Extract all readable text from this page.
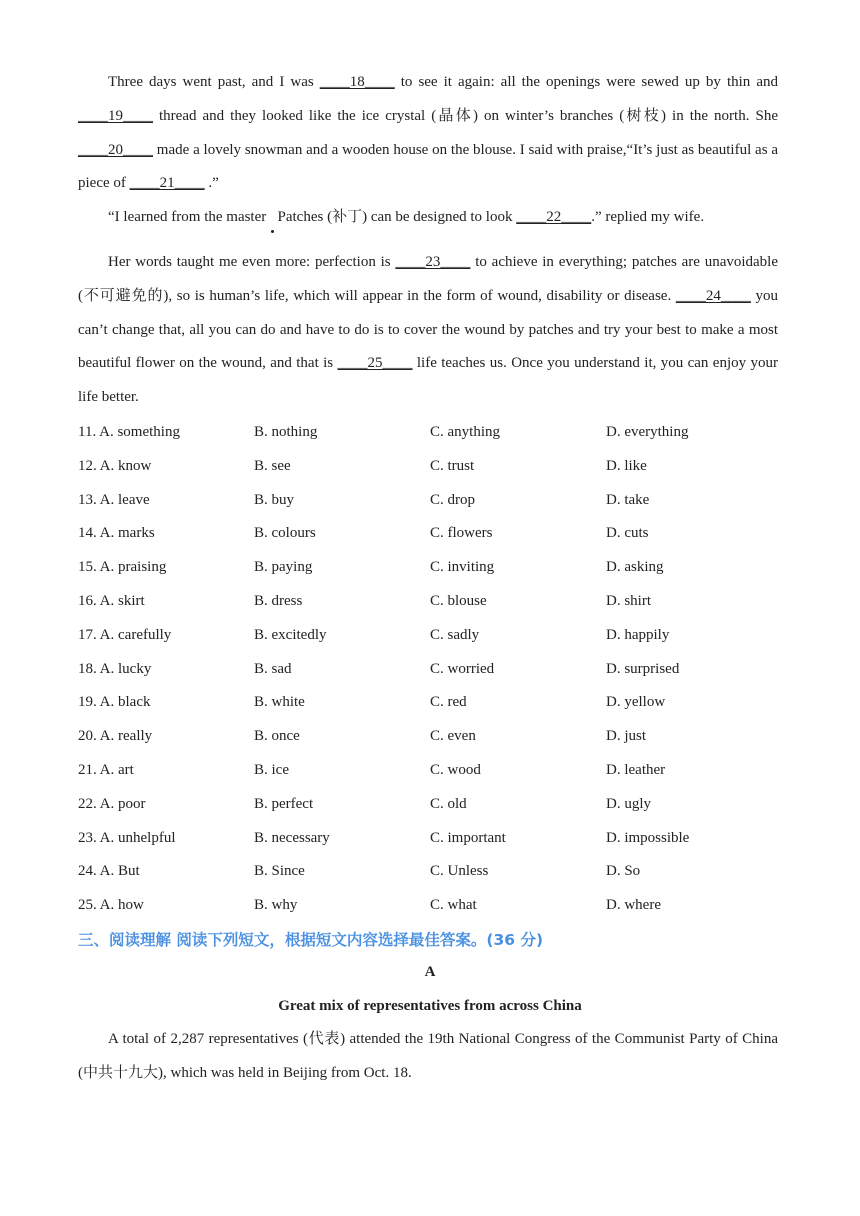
Three days went past, and I was ____18____ to see it again: all the openings were sewed up by thin and ____19____ thread and they looked like the ice crystal (晶体) on winter’s branches (树枝) in the north. She ____20____ made a lovely snowman and a wooden house on the blouse. I said with praise,“It’s just as beautiful as a piece of ____21____ .”

“I learned from the master   Patches (补丁) can be designed to look ____22____.” replied my wife.

Her words taught me even more: perfection is ____23____ to achieve in everything; patches are unavoidable (不可避免的), so is human’s life, which will appear in the form of wound, disability or disease. ____24____ you can’t change that, all you can do and have to do is to cover the wound by patches and try your best to make a most beautiful flower on the wound, and that is ____25____ life teaches us. Once you understand it, you can enjoy your life better.

11. A. something	B. nothing	C. anything	D. everything
12. A. know	B. see	C. trust	D. like
13. A. leave	B. buy	C. drop	D. take
14. A. marks	B. colours	C. flowers	D. cuts
15. A. praising	B. paying	C. inviting	D. asking
16. A. skirt	B. dress	C. blouse	D. shirt
17. A. carefully	B. excitedly	C. sadly	D. happily
18. A. lucky	B. sad	C. worried	D. surprised
19. A. black	B. white	C. red	D. yellow
20. A. really	B. once	C. even	D. just
21. A. art	B. ice	C. wood	D. leather
22. A. poor	B. perfect	C. old	D. ugly
23. A. unhelpful	B. necessary	C. important	D. impossible
24. A. But	B. Since	C. Unless	D. So
25. A. how	B. why	C. what	D. where
三、阅读理解 阅读下列短文，根据短文内容选择最佳答案。(36 分)
A
Great mix of representatives from across China

A total of 2,287 representatives (代表) attended the 19th National Congress of the Communist Party of China (中共十九大), which was held in Beijing from Oct. 18.
